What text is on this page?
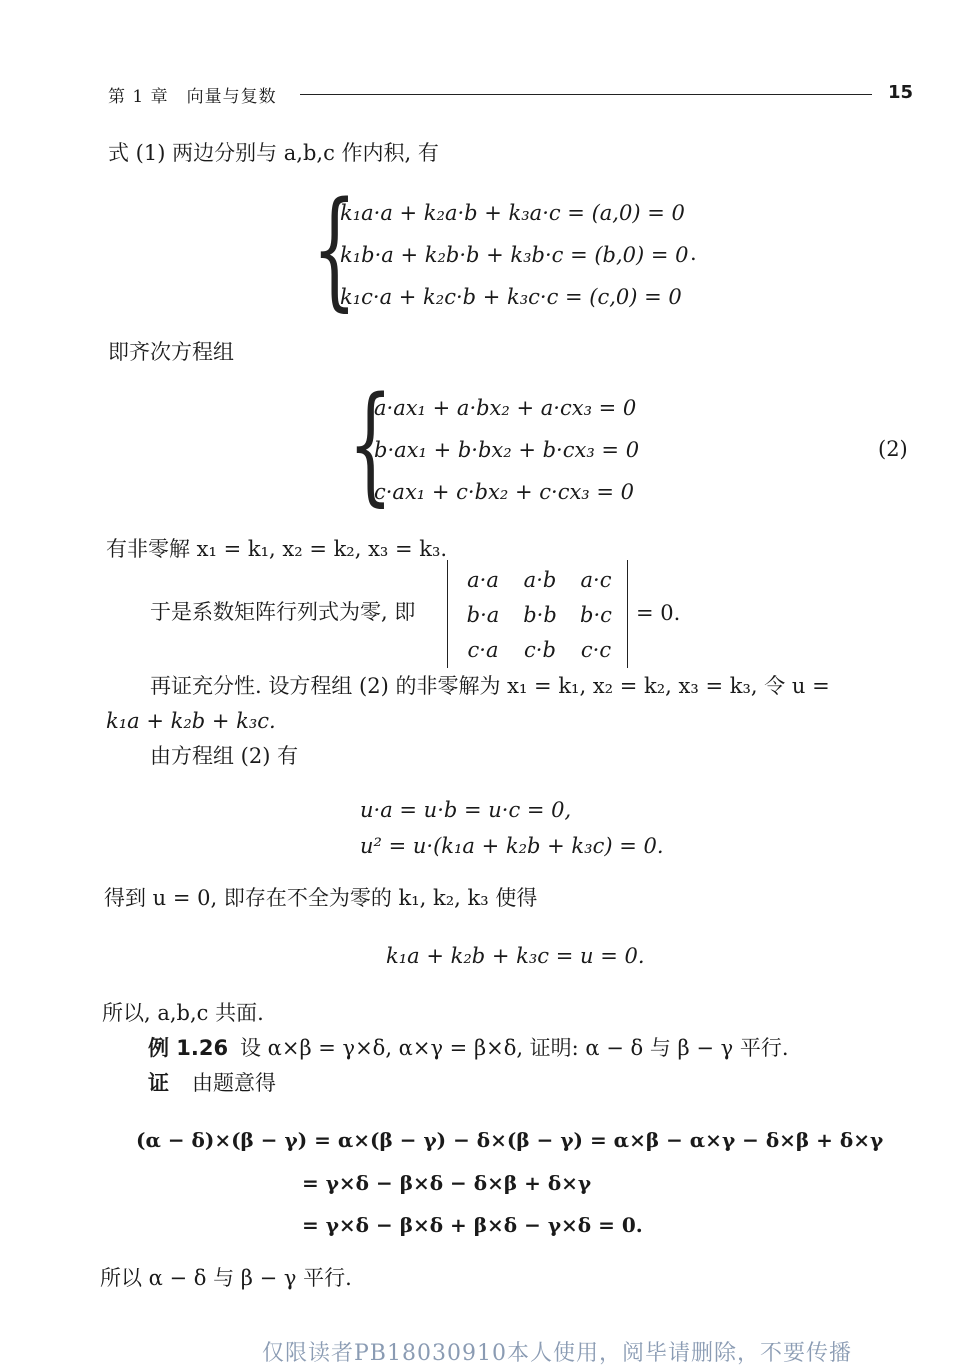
第 1 章　向量与复数	15
式 (1) 两边分别与 a,b,c 作内积, 有
{
k₁a·a + k₂a·b + k₃a·c = (a,0) = 0
k₁b·a + k₂b·b + k₃b·c = (b,0) = 0
k₁c·a + k₂c·b + k₃c·c = (c,0) = 0
.
即齐次方程组
{
a·ax₁ + a·bx₂ + a·cx₃ = 0
b·ax₁ + b·bx₂ + b·cx₃ = 0
c·ax₁ + c·bx₂ + c·cx₃ = 0
(2)
有非零解 x₁ = k₁, x₂ = k₂, x₃ = k₃.
于是系数矩阵行列式为零, 即
a·a	a·b	a·c
b·a	b·b	b·c
c·a	c·b	c·c
= 0.
再证充分性. 设方程组 (2) 的非零解为 x₁ = k₁, x₂ = k₂, x₃ = k₃, 令 u =
k₁a + k₂b + k₃c.
由方程组 (2) 有
u·a = u·b = u·c = 0,
u² = u·(k₁a + k₂b + k₃c) = 0.
得到 u = 0, 即存在不全为零的 k₁, k₂, k₃ 使得
k₁a + k₂b + k₃c = u = 0.
所以, a,b,c 共面.
例 1.26 设 α×β = γ×δ, α×γ = β×δ, 证明: α − δ 与 β − γ 平行.
证 由题意得
(α − δ)×(β − γ) = α×(β − γ) − δ×(β − γ) = α×β − α×γ − δ×β + δ×γ
= γ×δ − β×δ − δ×β + δ×γ
= γ×δ − β×δ + β×δ − γ×δ = 0.
所以 α − δ 与 β − γ 平行.
仅限读者PB18030910本人使用，阅毕请删除，不要传播
